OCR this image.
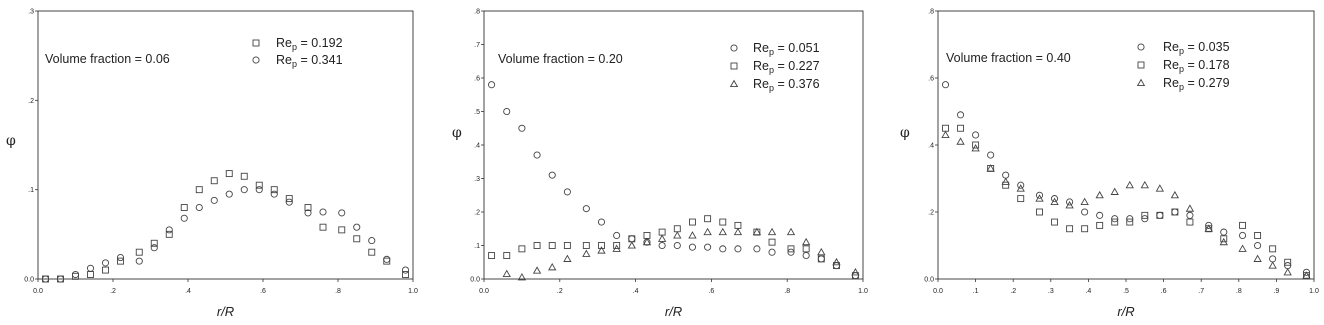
0.0	.2	.4	.6	.8	1.0
0.0
.1
.2
.3
r/R
φ
Volume fraction = 0.06
$Re_p = 0.192$
$Re_p = 0.341$
0.0	.2	.4	.6	.8	1.0
0.0
.1
.2
.3
.4
.5
.6
.7
.8
r/R
φ
Volume fraction = 0.20
$Re_p = 0.051$
$Re_p = 0.227$
$Re_p = 0.376$
0.0	.1	.2	.3	.4	.5	.6	.7	.8	.9	1.0
0.0
.2
.4
.6
.8
r/R
φ
Volume fraction = 0.40
$Re_p = 0.035$
$Re_p = 0.178$
$Re_p = 0.279$
